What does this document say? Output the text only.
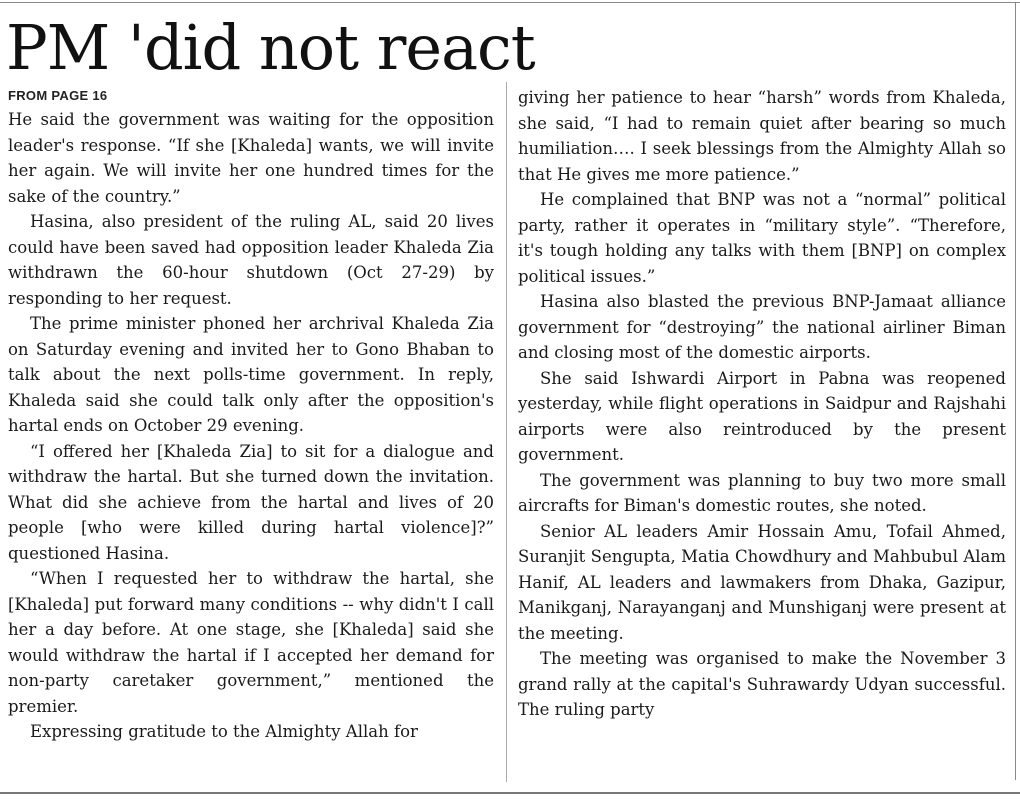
PM 'did not react
FROM PAGE 16

He said the government was waiting for the opposition leader's response. “If she [Khaleda] wants, we will invite her again. We will invite her one hundred times for the sake of the country.”

Hasina, also president of the ruling AL, said 20 lives could have been saved had opposition leader Khaleda Zia withdrawn the 60-hour shutdown (Oct 27-29) by responding to her request.

The prime minister phoned her archrival Khaleda Zia on Saturday evening and invited her to Gono Bhaban to talk about the next polls-time government. In reply, Khaleda said she could talk only after the opposition's hartal ends on October 29 evening.

“I offered her [Khaleda Zia] to sit for a dialogue and withdraw the hartal. But she turned down the invitation. What did she achieve from the hartal and lives of 20 people [who were killed during hartal violence]?” questioned Hasina.

“When I requested her to withdraw the hartal, she [Khaleda] put forward many conditions -- why didn't I call her a day before. At one stage, she [Khaleda] said she would withdraw the hartal if I accepted her demand for non-party caretaker government,” mentioned the premier.

Expressing gratitude to the Almighty Allah for

giving her patience to hear “harsh” words from Khaleda, she said, “I had to remain quiet after bearing so much humiliation…. I seek blessings from the Almighty Allah so that He gives me more patience.”

He complained that BNP was not a “normal” political party, rather it operates in “military style”. “Therefore, it's tough holding any talks with them [BNP] on complex political issues.”

Hasina also blasted the previous BNP-Jamaat alliance government for “destroying” the national airliner Biman and closing most of the domestic airports.

She said Ishwardi Airport in Pabna was reopened yesterday, while flight operations in Saidpur and Rajshahi airports were also reintroduced by the present government.

The government was planning to buy two more small aircrafts for Biman's domestic routes, she noted.

Senior AL leaders Amir Hossain Amu, Tofail Ahmed, Suranjit Sengupta, Matia Chowdhury and Mahbubul Alam Hanif, AL leaders and lawmakers from Dhaka, Gazipur, Manikganj, Narayanganj and Munshiganj were present at the meeting.

The meeting was organised to make the November 3 grand rally at the capital's Suhrawardy Udyan successful. The ruling party
